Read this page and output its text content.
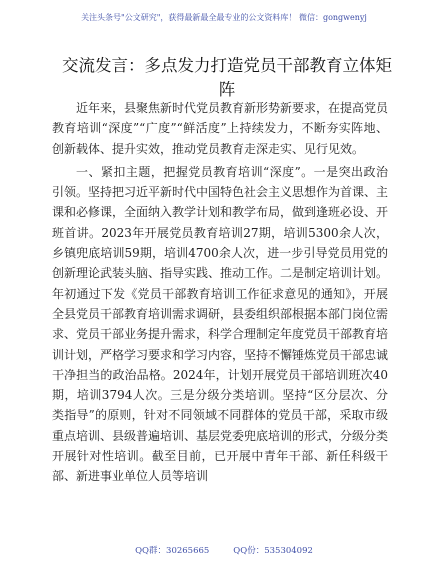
关注头条号"公文研究"，获得最新最全最专业的公文资料库！ 微信：gongwenyj
交流发言：多点发力打造党员干部教育立体矩阵

近年来，县聚焦新时代党员教育新形势新要求，在提高党员教育培训“深度”“广度”“鲜活度”上持续发力，不断夯实阵地、创新载体、提升实效，推动党员教育走深走实、见行见效。

一、紧扣主题，把握党员教育培训“深度”。一是突出政治引领。坚持把习近平新时代中国特色社会主义思想作为首课、主课和必修课，全面纳入教学计划和教学布局，做到逢班必设、开班首讲。2023年开展党员教育培训27期，培训5300余人次，乡镇兜底培训59期，培训4700余人次，进一步引导党员用党的创新理论武装头脑、指导实践、推动工作。二是制定培训计划。年初通过下发《党员干部教育培训工作征求意见的通知》，开展全县党员干部教育培训需求调研，县委组织部根据本部门岗位需求、党员干部业务提升需求，科学合理制定年度党员干部教育培训计划，严格学习要求和学习内容，坚持不懈锤炼党员干部忠诚干净担当的政治品格。2024年，计划开展党员干部培训班次40期，培训3794人次。三是分级分类培训。坚持“区分层次、分类指导”的原则，针对不同领域不同群体的党员干部，采取市级重点培训、县级普遍培训、基层党委兜底培训的形式，分级分类开展针对性培训。截至目前，已开展中青年干部、新任科级干部、新进事业单位人员等培训

QQ群：30265665	QQ份：535304092
